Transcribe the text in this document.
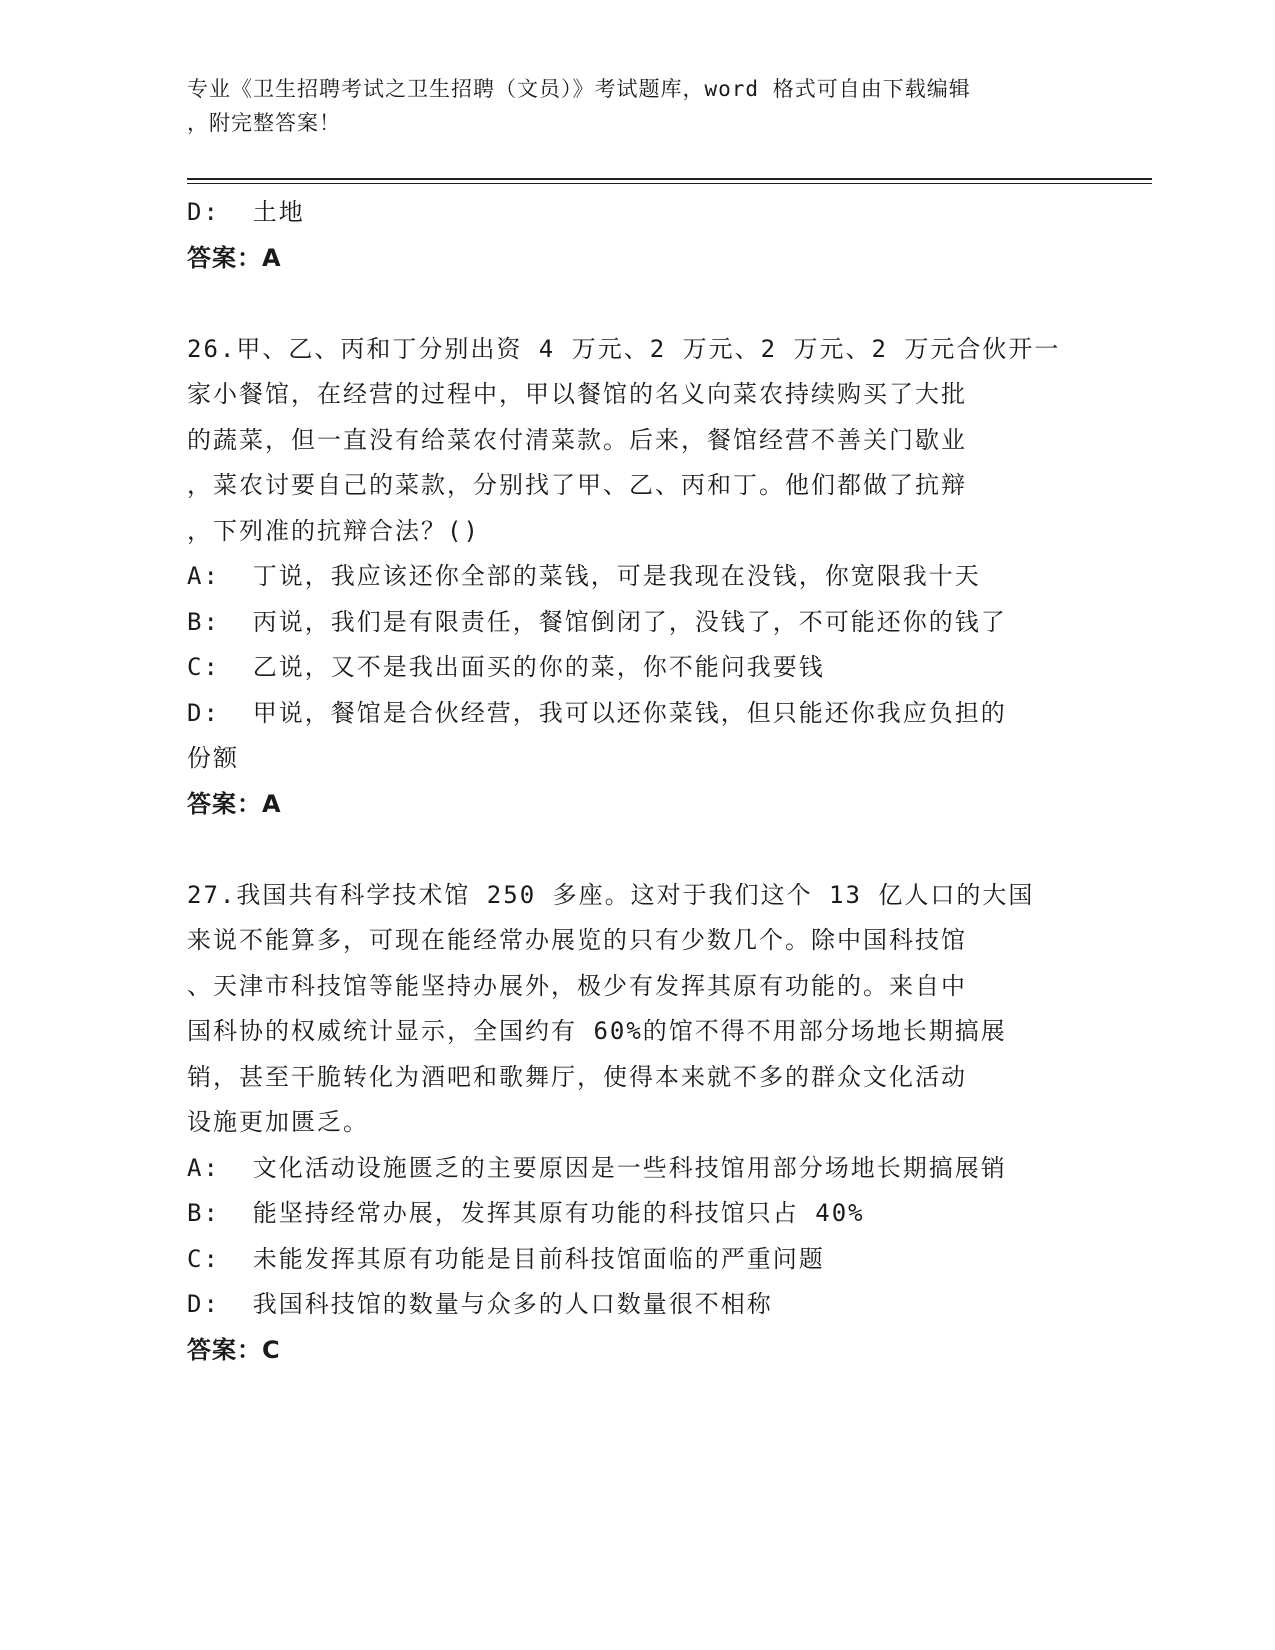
专业《卫生招聘考试之卫生招聘（文员）》考试题库，word 格式可自由下载编辑
，附完整答案！
D:  土地
答案：A
26.甲、乙、丙和丁分别出资 4 万元、2 万元、2 万元、2 万元合伙开一
家小餐馆，在经营的过程中，甲以餐馆的名义向菜农持续购买了大批
的蔬菜，但一直没有给菜农付清菜款。后来，餐馆经营不善关门歇业
，菜农讨要自己的菜款，分别找了甲、乙、丙和丁。他们都做了抗辩
，下列准的抗辩合法？()
A:  丁说，我应该还你全部的菜钱，可是我现在没钱，你宽限我十天
B:  丙说，我们是有限责任，餐馆倒闭了，没钱了，不可能还你的钱了
C:  乙说，又不是我出面买的你的菜，你不能问我要钱
D:  甲说，餐馆是合伙经营，我可以还你菜钱，但只能还你我应负担的
份额
答案：A
27.我国共有科学技术馆 250 多座。这对于我们这个 13 亿人口的大国
来说不能算多，可现在能经常办展览的只有少数几个。除中国科技馆
、天津市科技馆等能坚持办展外，极少有发挥其原有功能的。来自中
国科协的权威统计显示，全国约有 60%的馆不得不用部分场地长期搞展
销，甚至干脆转化为酒吧和歌舞厅，使得本来就不多的群众文化活动
设施更加匮乏。
A:  文化活动设施匮乏的主要原因是一些科技馆用部分场地长期搞展销
B:  能坚持经常办展，发挥其原有功能的科技馆只占 40%
C:  未能发挥其原有功能是目前科技馆面临的严重问题
D:  我国科技馆的数量与众多的人口数量很不相称
答案：C
